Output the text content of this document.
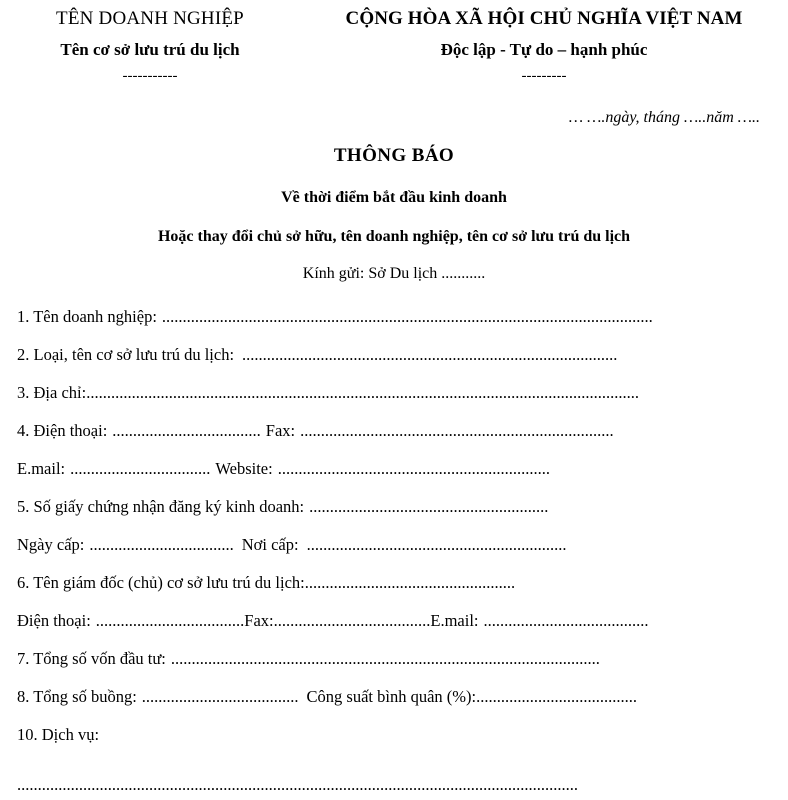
TÊN DOANH NGHIỆP
Tên cơ sở lưu trú du lịch
-----------
CỘNG HÒA XÃ HỘI CHỦ NGHĨA VIỆT NAM
Độc lập - Tự do – hạnh phúc
---------
… ….ngày, tháng …..năm …..
THÔNG BÁO
Về thời điểm bắt đầu kinh doanh
Hoặc thay đổi chủ sở hữu, tên doanh nghiệp, tên cơ sở lưu trú du lịch
Kính gửi: Sở Du lịch ...........
1. Tên doanh nghiệp: .......................................................................................................................
2. Loại, tên cơ sở lưu trú du lịch: ...........................................................................................
3. Địa chỉ: ......................................................................................................................................
4. Điện thoại: .................................... Fax: ............................................................................
E.mail: .................................. Website: ..................................................................
5. Số giấy chứng nhận đăng ký kinh doanh: ..........................................................
Ngày cấp: ................................... Nơi cấp: ...............................................................
6. Tên giám đốc (chủ) cơ sở lưu trú du lịch: ...................................................
Điện thoại: .................................... Fax: ...................................... E.mail: ........................................
7. Tổng số vốn đầu tư: ........................................................................................................
8. Tổng số buồng: ...................................... Công suất bình quân (%): .......................................
10. Dịch vụ:
........................................................................................................................................
